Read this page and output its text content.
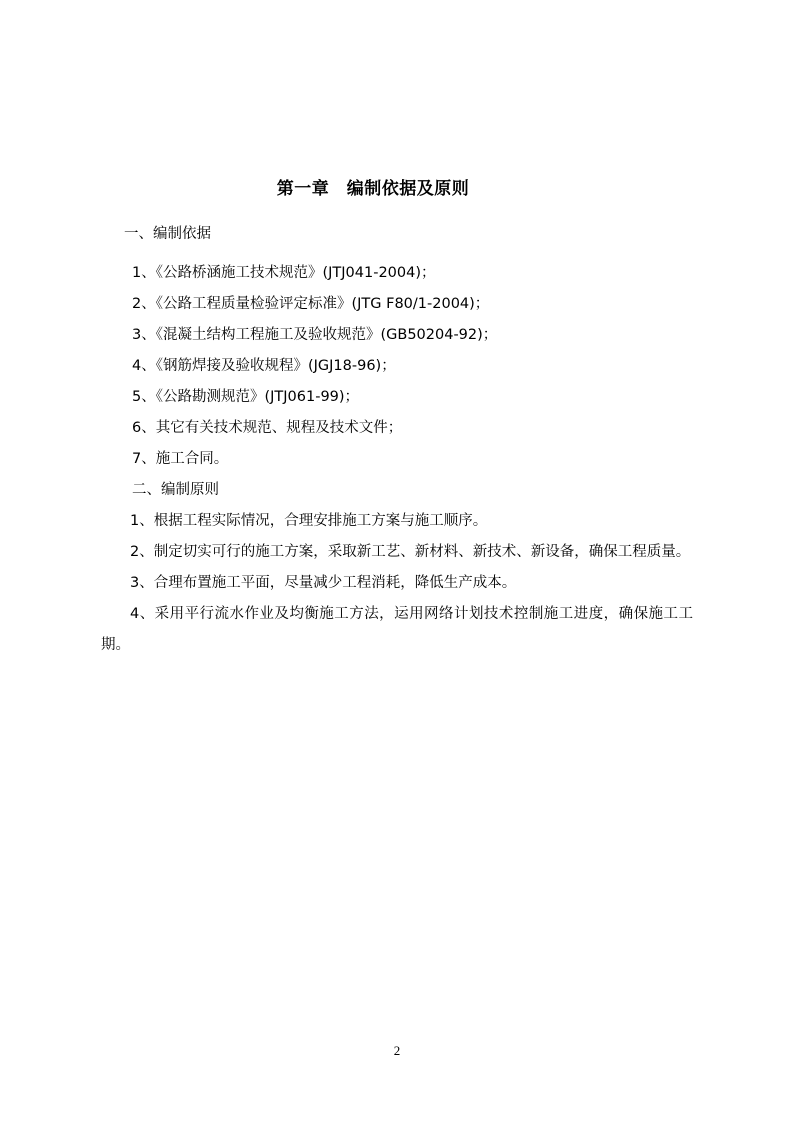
第一章　编制依据及原则

一、编制依据

1、《公路桥涵施工技术规范》(JTJ041-2004)；

2、《公路工程质量检验评定标准》(JTG F80/1-2004)；

3、《混凝土结构工程施工及验收规范》(GB50204-92)；

4、《钢筋焊接及验收规程》(JGJ18-96)；

5、《公路勘测规范》(JTJ061-99)；

6、其它有关技术规范、规程及技术文件；

7、施工合同。

二、编制原则

1、根据工程实际情况，合理安排施工方案与施工顺序。

2、制定切实可行的施工方案，采取新工艺、新材料、新技术、新设备，确保工程质量。

3、合理布置施工平面，尽量减少工程消耗，降低生产成本。

4、采用平行流水作业及均衡施工方法，运用网络计划技术控制施工进度，确保施工工期。

2
